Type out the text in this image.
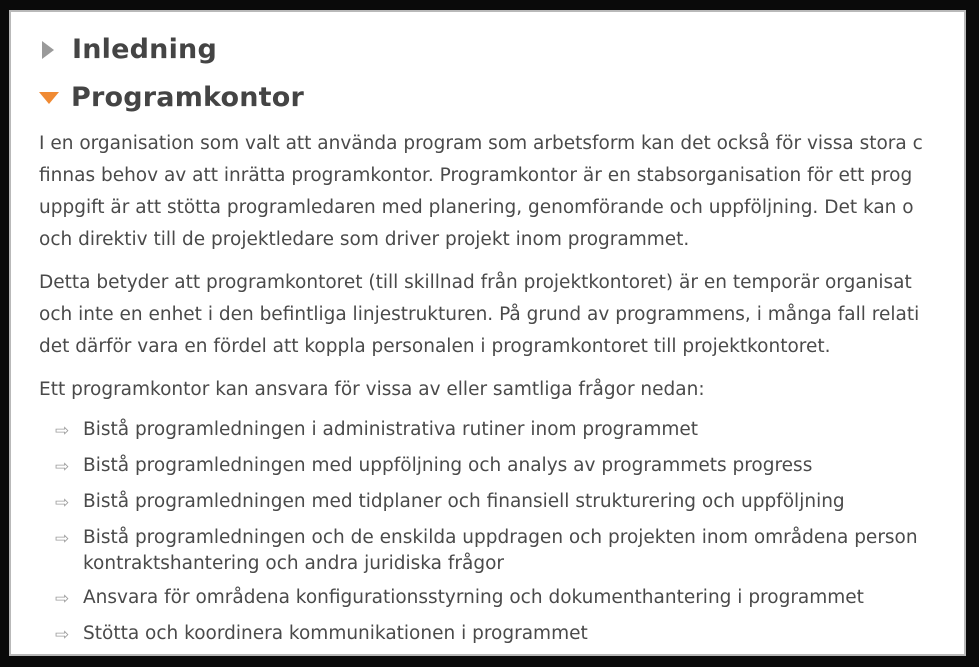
Inledning
Programkontor

I en organisation som valt att använda program som arbetsform kan det också för vissa stora c

finnas behov av att inrätta programkontor. Programkontor är en stabsorganisation för ett prog

uppgift är att stötta programledaren med planering, genomförande och uppföljning. Det kan o

och direktiv till de projektledare som driver projekt inom programmet.

Detta betyder att programkontoret (till skillnad från projektkontoret) är en temporär organisat

och inte en enhet i den befintliga linjestrukturen. På grund av programmens, i många fall relati

det därför vara en fördel att koppla personalen i programkontoret till projektkontoret.

Ett programkontor kan ansvara för vissa av eller samtliga frågor nedan:

⇨ Bistå programledningen i administrativa rutiner inom programmet
⇨ Bistå programledningen med uppföljning och analys av programmets progress
⇨ Bistå programledningen med tidplaner och finansiell strukturering och uppföljning
⇨ Bistå programledningen och de enskilda uppdragen och projekten inom områdena person
kontraktshantering och andra juridiska frågor
⇨ Ansvara för områdena konfigurationsstyrning och dokumenthantering i programmet
⇨ Stötta och koordinera kommunikationen i programmet
